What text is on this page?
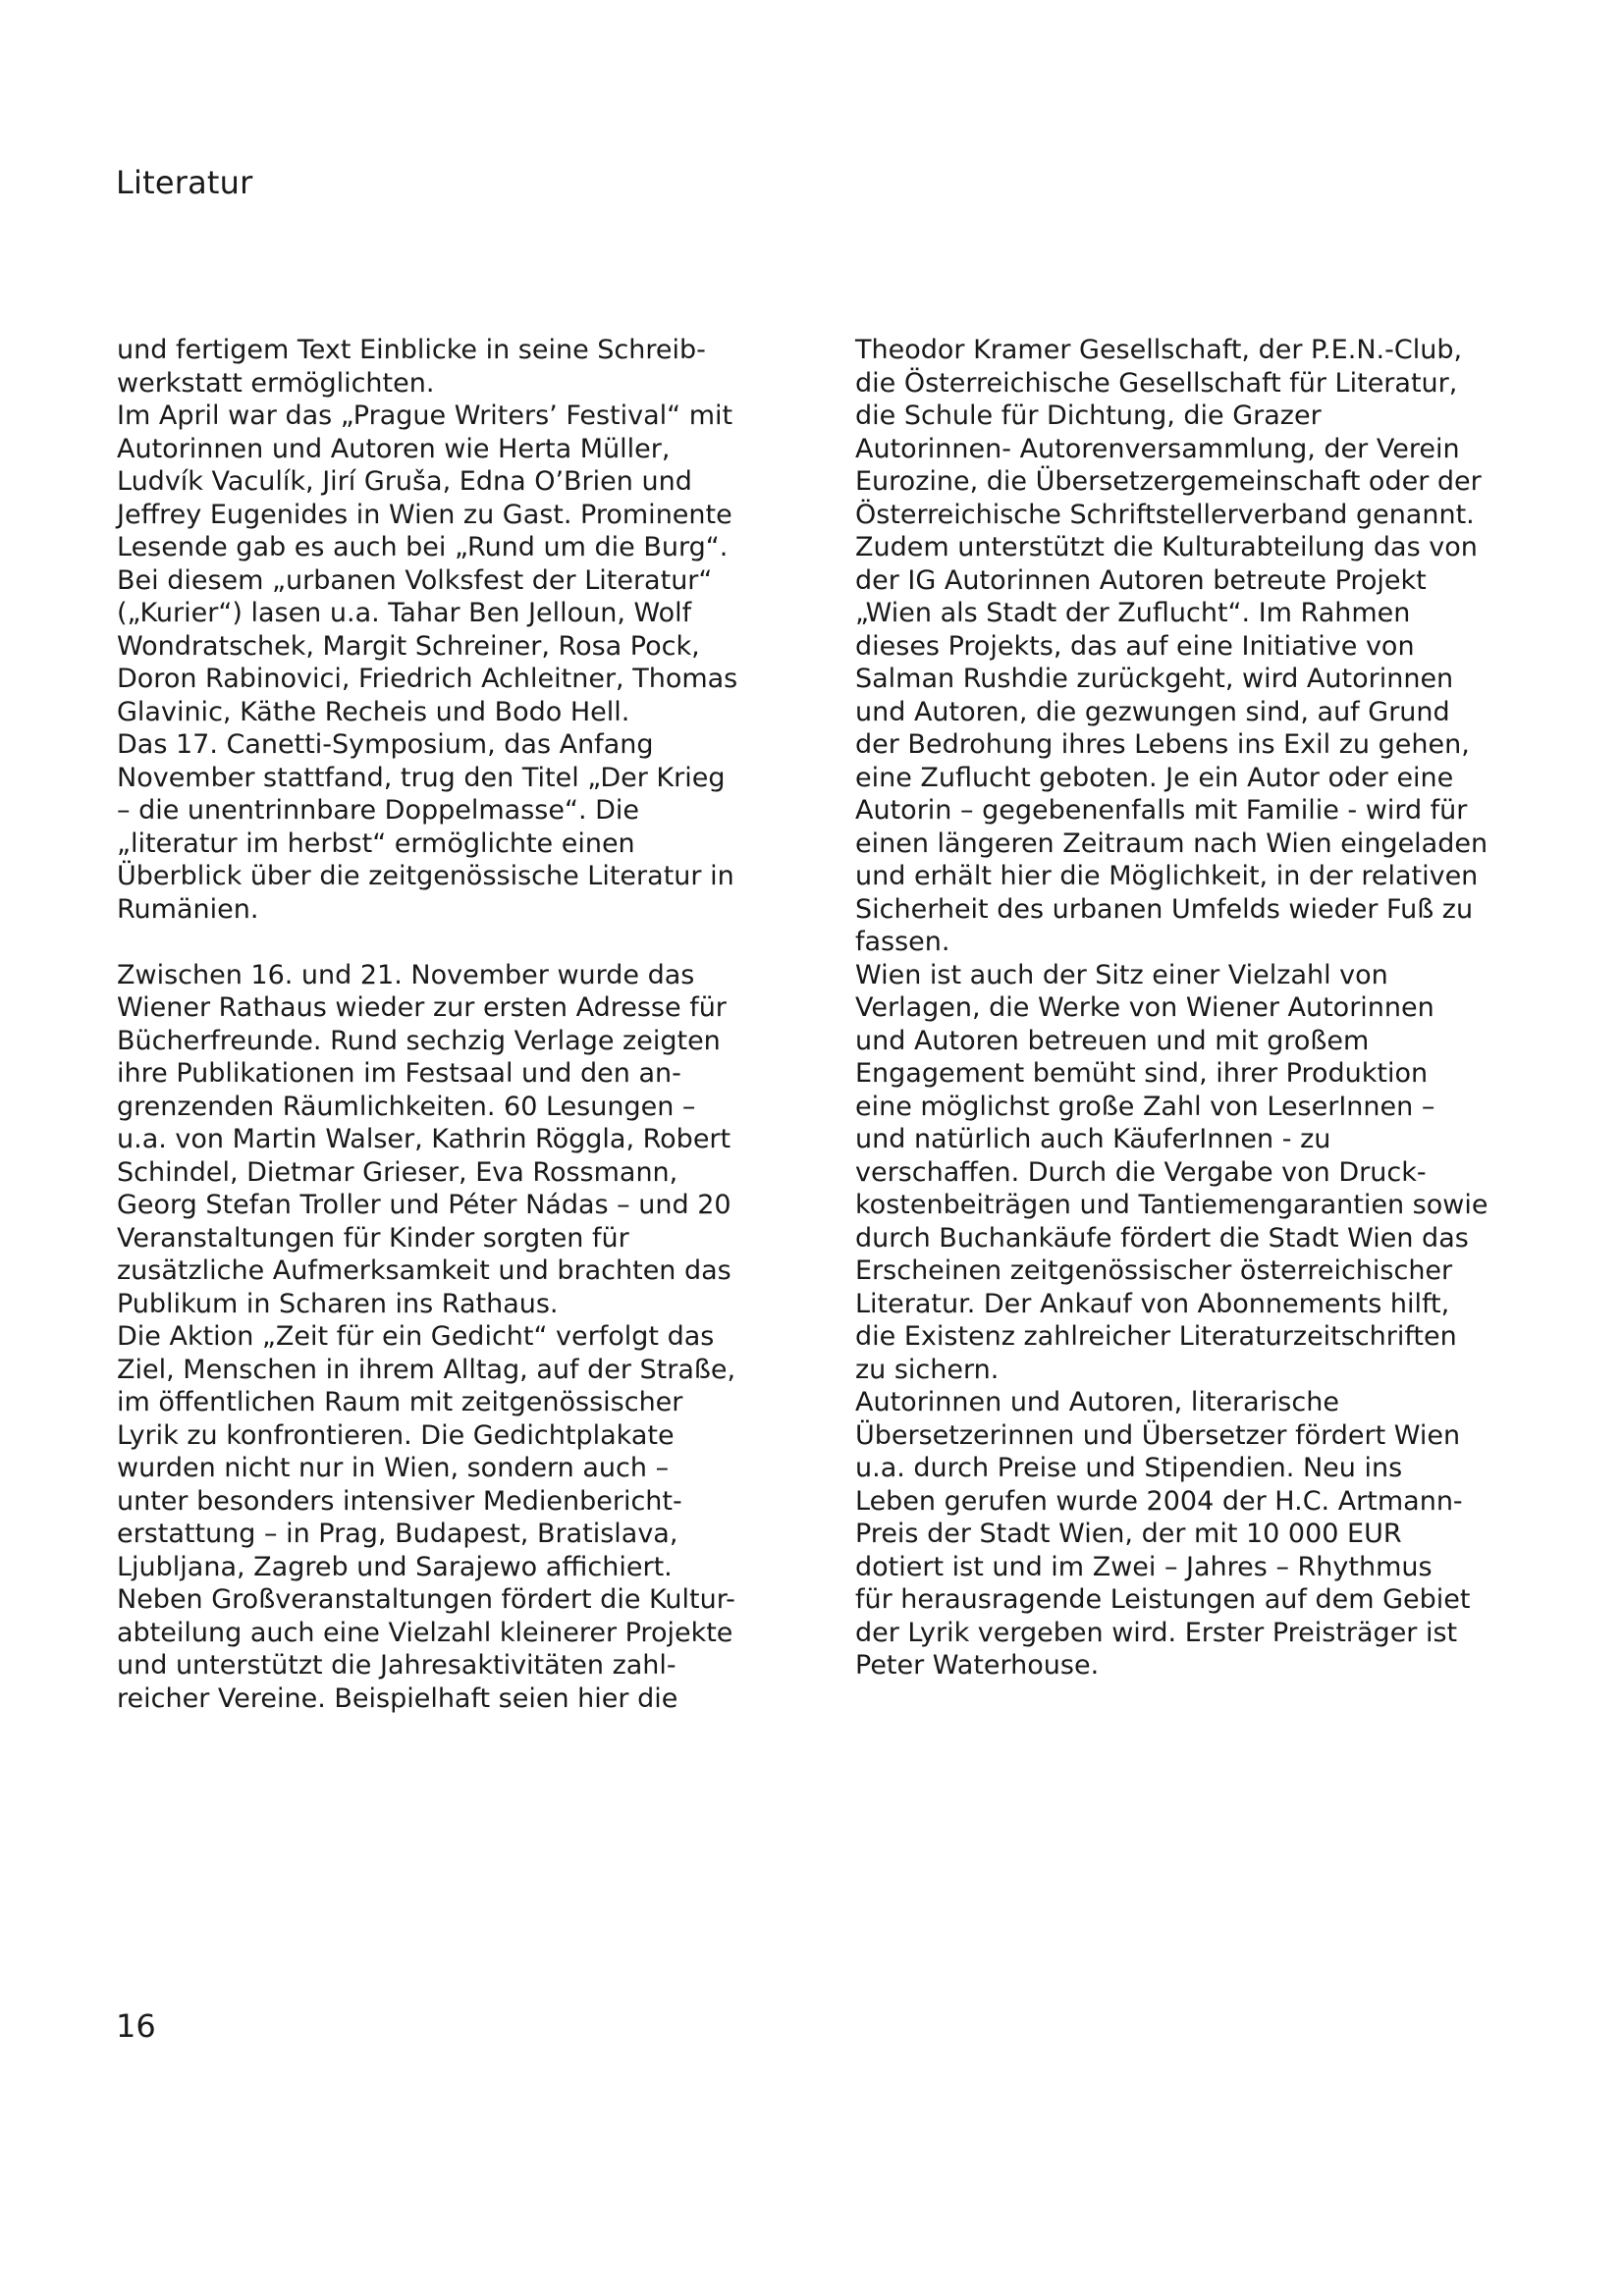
Literatur
und fertigem Text Einblicke in seine Schreib-
werkstatt ermöglichten.
Im April war das „Prague Writers’ Festival“ mit
Autorinnen und Autoren wie Herta Müller,
Ludvík Vaculík, Jirí Gruša, Edna O’Brien und
Jeffrey Eugenides in Wien zu Gast. Prominente
Lesende gab es auch bei „Rund um die Burg“.
Bei diesem „urbanen Volksfest der Literatur“
(„Kurier“) lasen u.a. Tahar Ben Jelloun, Wolf
Wondratschek, Margit Schreiner, Rosa Pock,
Doron Rabinovici, Friedrich Achleitner, Thomas
Glavinic, Käthe Recheis und Bodo Hell.
Das 17. Canetti-Symposium, das Anfang
November stattfand, trug den Titel „Der Krieg
– die unentrinnbare Doppelmasse“. Die
„literatur im herbst“ ermöglichte einen
Überblick über die zeitgenössische Literatur in
Rumänien.
Zwischen 16. und 21. November wurde das
Wiener Rathaus wieder zur ersten Adresse für
Bücherfreunde. Rund sechzig Verlage zeigten
ihre Publikationen im Festsaal und den an-
grenzenden Räumlichkeiten. 60 Lesungen –
u.a. von Martin Walser, Kathrin Röggla, Robert
Schindel, Dietmar Grieser, Eva Rossmann,
Georg Stefan Troller und Péter Nádas – und 20
Veranstaltungen für Kinder sorgten für
zusätzliche Aufmerksamkeit und brachten das
Publikum in Scharen ins Rathaus.
Die Aktion „Zeit für ein Gedicht“ verfolgt das
Ziel, Menschen in ihrem Alltag, auf der Straße,
im öffentlichen Raum mit zeitgenössischer
Lyrik zu konfrontieren. Die Gedichtplakate
wurden nicht nur in Wien, sondern auch –
unter besonders intensiver Medienbericht-
erstattung – in Prag, Budapest, Bratislava,
Ljubljana, Zagreb und Sarajewo affichiert.
Neben Großveranstaltungen fördert die Kultur-
abteilung auch eine Vielzahl kleinerer Projekte
und unterstützt die Jahresaktivitäten zahl-
reicher Vereine. Beispielhaft seien hier die
Theodor Kramer Gesellschaft, der P.E.N.-Club,
die Österreichische Gesellschaft für Literatur,
die Schule für Dichtung, die Grazer
Autorinnen- Autorenversammlung, der Verein
Eurozine, die Übersetzergemeinschaft oder der
Österreichische Schriftstellerverband genannt.
Zudem unterstützt die Kulturabteilung das von
der IG Autorinnen Autoren betreute Projekt
„Wien als Stadt der Zuflucht“. Im Rahmen
dieses Projekts, das auf eine Initiative von
Salman Rushdie zurückgeht, wird Autorinnen
und Autoren, die gezwungen sind, auf Grund
der Bedrohung ihres Lebens ins Exil zu gehen,
eine Zuflucht geboten. Je ein Autor oder eine
Autorin – gegebenenfalls mit Familie - wird für
einen längeren Zeitraum nach Wien eingeladen
und erhält hier die Möglichkeit, in der relativen
Sicherheit des urbanen Umfelds wieder Fuß zu
fassen.
Wien ist auch der Sitz einer Vielzahl von
Verlagen, die Werke von Wiener Autorinnen
und Autoren betreuen und mit großem
Engagement bemüht sind, ihrer Produktion
eine möglichst große Zahl von LeserInnen –
und natürlich auch KäuferInnen - zu
verschaffen. Durch die Vergabe von Druck-
kostenbeiträgen und Tantiemengarantien sowie
durch Buchankäufe fördert die Stadt Wien das
Erscheinen zeitgenössischer österreichischer
Literatur. Der Ankauf von Abonnements hilft,
die Existenz zahlreicher Literaturzeitschriften
zu sichern.
Autorinnen und Autoren, literarische
Übersetzerinnen und Übersetzer fördert Wien
u.a. durch Preise und Stipendien. Neu ins
Leben gerufen wurde 2004 der H.C. Artmann-
Preis der Stadt Wien, der mit 10 000 EUR
dotiert ist und im Zwei – Jahres – Rhythmus
für herausragende Leistungen auf dem Gebiet
der Lyrik vergeben wird. Erster Preisträger ist
Peter Waterhouse.
16
